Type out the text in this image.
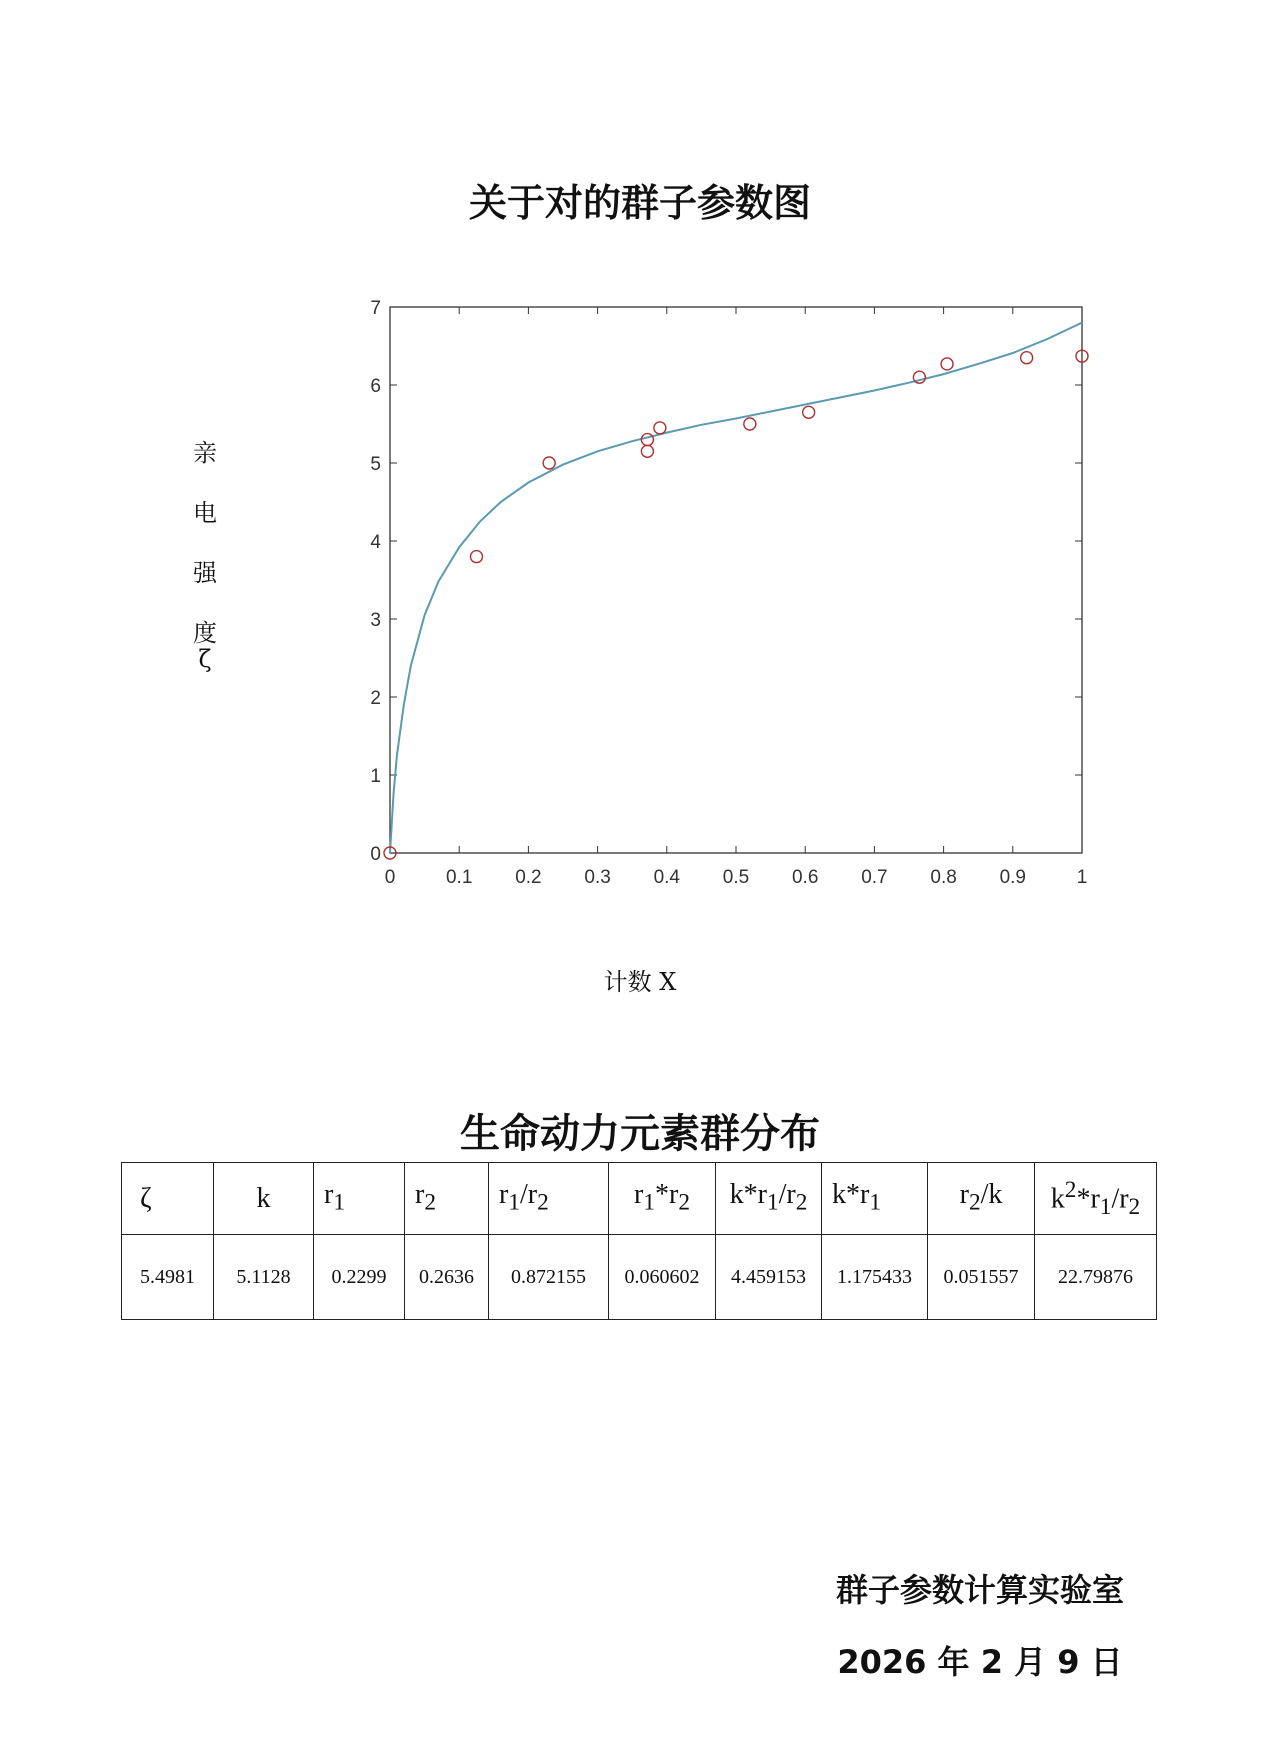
关于对的群子参数图
亲
电
强
度
ζ
0	0.1 0.2 0.3 0.4 0.5 0.6 0.7 0.8 0.9	1
0
1
2
3
4
5
6
7
计数 X
生命动力元素群分布
ζ	k	$r_1$	$r_2$	$r_1/r_2$	$r_1*r_2$	$k*r_1/r_2$	$k*r_1$	$r_2/k$	$k^2*r_1/r_2$
5.4981	5.1128	0.2299	0.2636	0.872155	0.060602	4.459153	1.175433	0.051557	22.79876
群子参数计算实验室
2026 年 2 月 9 日
